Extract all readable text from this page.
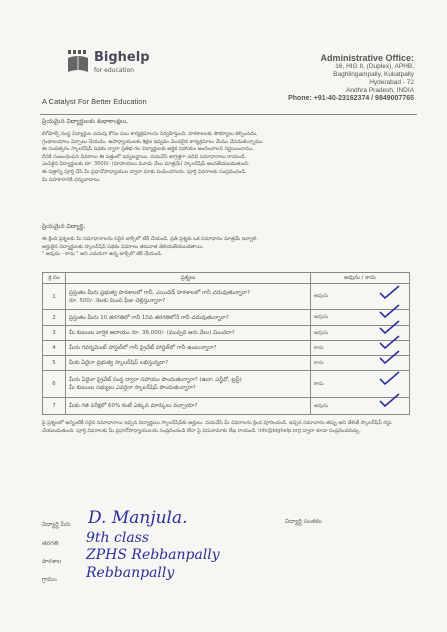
Bighelp
for education
A Catalyst For Better Education
Administrative Office:
16, HIG II, (Duplex), APHB,
Baghlingampally, Kukatpally
Hyderabad - 72
Andhra Pradesh, INDIA
Phone: +91-40-23162374 / 9849007765
ప్రియమైన విద్యార్థులకు శుభాకాంక్షలు,
బిగ్‌హెల్ప్ సంస్థ విద్యార్థుల చదువు కోసం పలు కార్యక్రమాలను నిర్వహిస్తుంది. పాఠశాలలకు సౌకర్యాలు కల్పించడం,
గ్రంథాలయాలు ఏర్పాటు చేయడం, ఉపాధ్యాయులకు శిక్షణ ఇవ్వడం మొదలైన కార్యక్రమాలు మేము చేపడుతున్నాము.
ఈ సంవత్సరం స్కాలర్‌షిప్ పథకం ద్వారా ప్రతిభ గల విద్యార్థులకు ఆర్థిక సహాయం అందించాలని నిర్ణయించాము.
దీనికి సంబంధించిన వివరాలు ఈ పత్రంలో ఇవ్వబడ్డాయి. దయచేసి జాగ్రత్తగా చదివి సమాధానాలు రాయండి.
ఎంపికైన విద్యార్థులకు రూ. 3000/- (రూపాయలు మూడు వేలు మాత్రమే) స్కాలర్‌షిప్ అందజేయబడుతుంది.
ఈ పత్రాన్ని పూర్తి చేసి మీ ప్రధానోపాధ్యాయుల ద్వారా మాకు పంపించగలరు. పూర్తి వివరాలకు సంప్రదించండి.
మీ సహకారానికి ధన్యవాదాలు.
ప్రియమైన విద్యార్థి,
ఈ క్రింది ప్రశ్నలకు మీ సమాధానాలను సరైన బాక్స్‌లో టిక్ చేయండి. ప్రతి ప్రశ్నకు ఒక సమాధానం మాత్రమే ఇవ్వాలి.
అర్హులైన విద్యార్థులకు స్కాలర్‌షిప్ పథకం వివరాలు తరువాత తెలియజేయబడతాయి.
" అవును - కాదు " అని ఎదురుగా ఉన్న బాక్స్‌లో టిక్ చేయండి.
క్ర.సం	ప్రశ్నలు	అవును / కాదు
1	ప్రస్తుతం మీరు ప్రభుత్వ పాఠశాలలో గానీ, ఎయిడెడ్ పాఠశాలలో గానీ చదువుతున్నారా?
రూ. 500/- నెలకు మించి ఫీజు చెల్లిస్తున్నారా?	అవును
2	ప్రస్తుతం మీరు 10 తరగతిలో గానీ 10వ తరగతిలోనే గానీ చదువుతున్నారా?	అవును
3	మీ కుటుంబ వార్షిక ఆదాయం రూ. 36,000/- (ముప్పది ఆరు వేలు) మించదా?	అవును
4	మీరు గవర్నమెంట్ హాస్టల్‌లో గానీ ప్రైవేట్ హాస్టల్‌లో గానీ ఉంటున్నారా?	కాదు
5	మీకు ఏదైనా ప్రభుత్వ స్కాలర్‌షిప్ లభిస్తున్నదా?	కాదు
6	మీరు ఏదైనా ప్రైవేట్ సంస్థ ద్వారా సహాయం పొందుతున్నారా? (ఉదా: ఎన్జీవో, ట్రస్ట్)
మీ కుటుంబ సభ్యులు ఎవరైనా స్కాలర్‌షిప్ పొందుతున్నారా?	కాదు
7	మీకు గత పరీక్షలో 60% కంటే ఎక్కువ మార్కులు వచ్చాయా?	అవును
పై ప్రశ్నలలో అన్నింటికీ సరైన సమాధానాలు ఇచ్చిన విద్యార్థులు స్కాలర్‌షిప్‌కు అర్హులు. దయచేసి మీ వివరాలను క్రింద పూరించండి. ఇచ్చిన సమాచారం తప్పు అని తేలితే స్కాలర్‌షిప్ రద్దు చేయబడుతుంది. పూర్తి వివరాలకు మీ ప్రధానోపాధ్యాయులను సంప్రదించండి లేదా పై చిరునామాకు లేఖ రాయండి. info@bighelp.org ద్వారా కూడా సంప్రదించవచ్చు.
విద్యార్థి పేరు D. Manjula.
తరగతి 9th class
పాఠశాల ZPHS Rebbanpally
గ్రామం Rebbanpally
విద్యార్థి సంతకం
